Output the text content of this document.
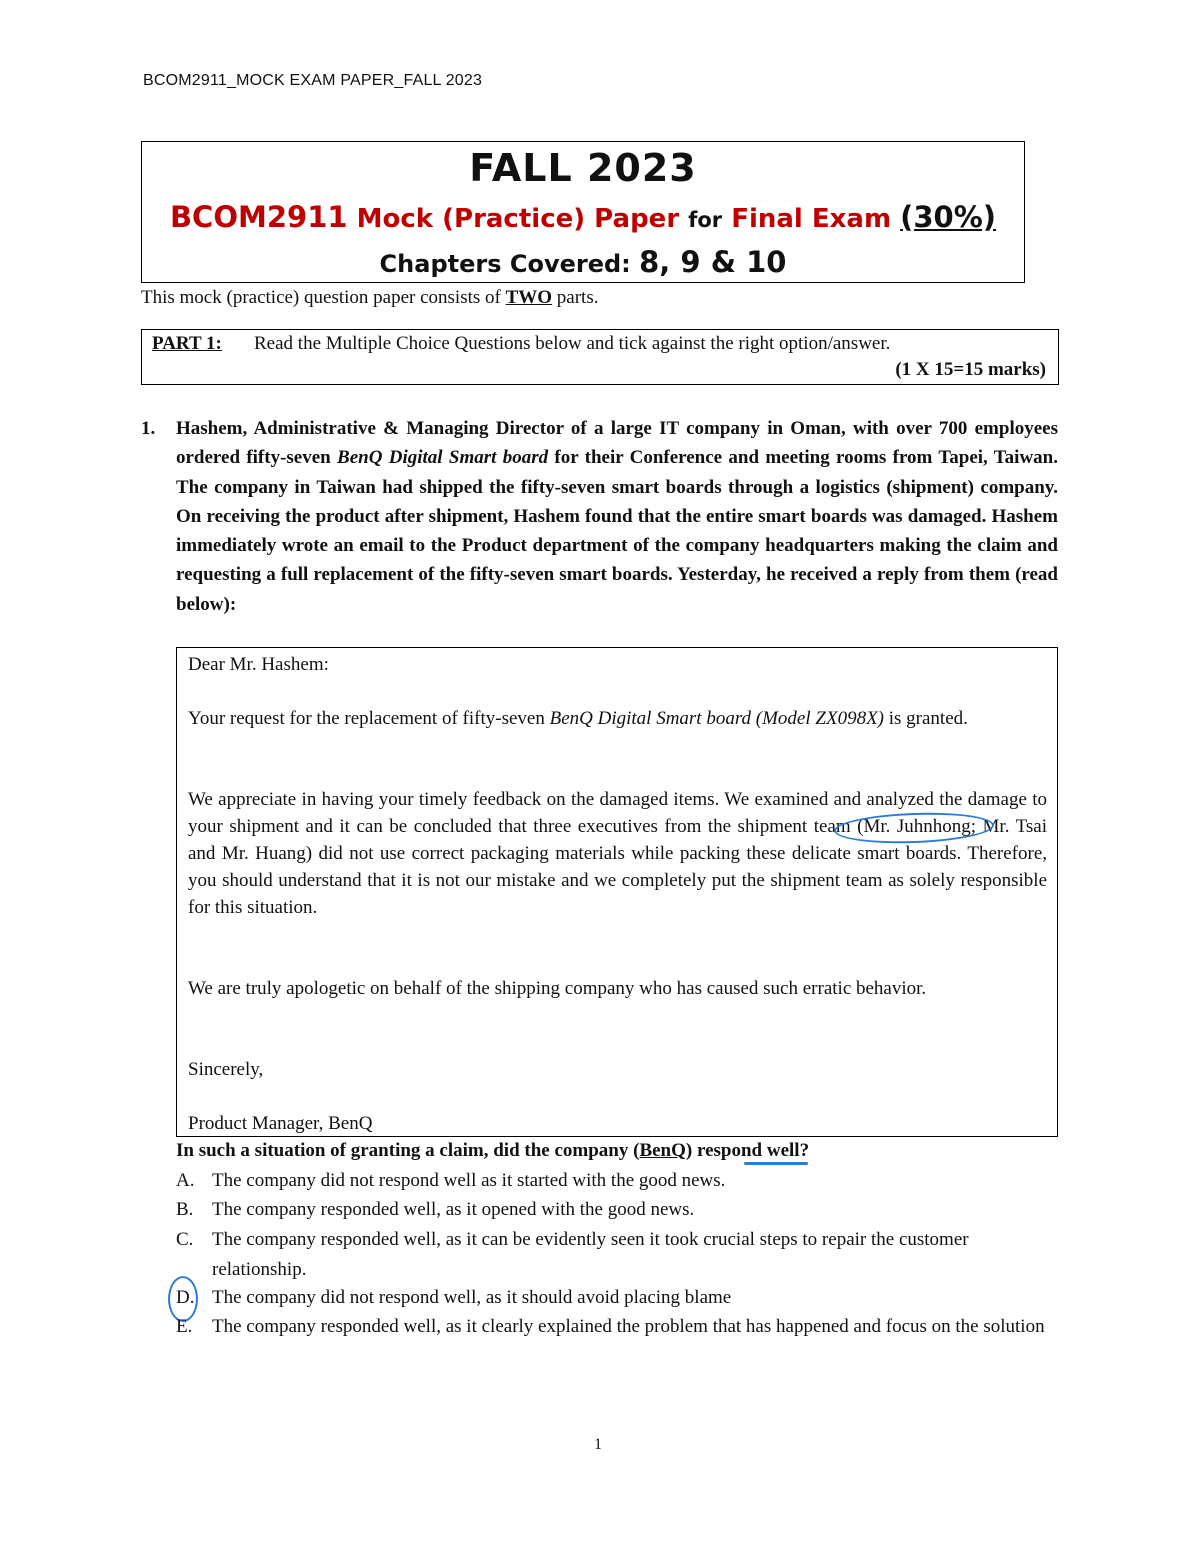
BCOM2911_MOCK EXAM PAPER_FALL 2023
FALL 2023
BCOM2911 Mock (Practice) Paper for Final Exam (30%)
Chapters Covered: 8, 9 & 10
This mock (practice) question paper consists of TWO parts.
PART 1: Read the Multiple Choice Questions below and tick against the right option/answer.
(1 X 15=15 marks)
1. Hashem, Administrative & Managing Director of a large IT company in Oman, with over 700 employees ordered fifty-seven BenQ Digital Smart board for their Conference and meeting rooms from Tapei, Taiwan. The company in Taiwan had shipped the fifty-seven smart boards through a logistics (shipment) company. On receiving the product after shipment, Hashem found that the entire smart boards was damaged. Hashem immediately wrote an email to the Product department of the company headquarters making the claim and requesting a full replacement of the fifty-seven smart boards. Yesterday, he received a reply from them (read below):

Dear Mr. Hashem:

Your request for the replacement of fifty-seven BenQ Digital Smart board (Model ZX098X) is granted.

We appreciate in having your timely feedback on the damaged items. We examined and analyzed the damage to your shipment and it can be concluded that three executives from the shipment team (Mr. Juhnhong; Mr. Tsai and Mr. Huang) did not use correct packaging materials while packing these delicate smart boards. Therefore, you should understand that it is not our mistake and we completely put the shipment team as solely responsible for this situation.

We are truly apologetic on behalf of the shipping company who has caused such erratic behavior.

Sincerely,

Product Manager, BenQ

In such a situation of granting a claim, did the company (BenQ) respond well?
A. The company did not respond well as it started with the good news.
B. The company responded well, as it opened with the good news.
C. The company responded well, as it can be evidently seen it took crucial steps to repair the customer relationship.
D. The company did not respond well, as it should avoid placing blame
E. The company responded well, as it clearly explained the problem that has happened and focus on the solution
1
